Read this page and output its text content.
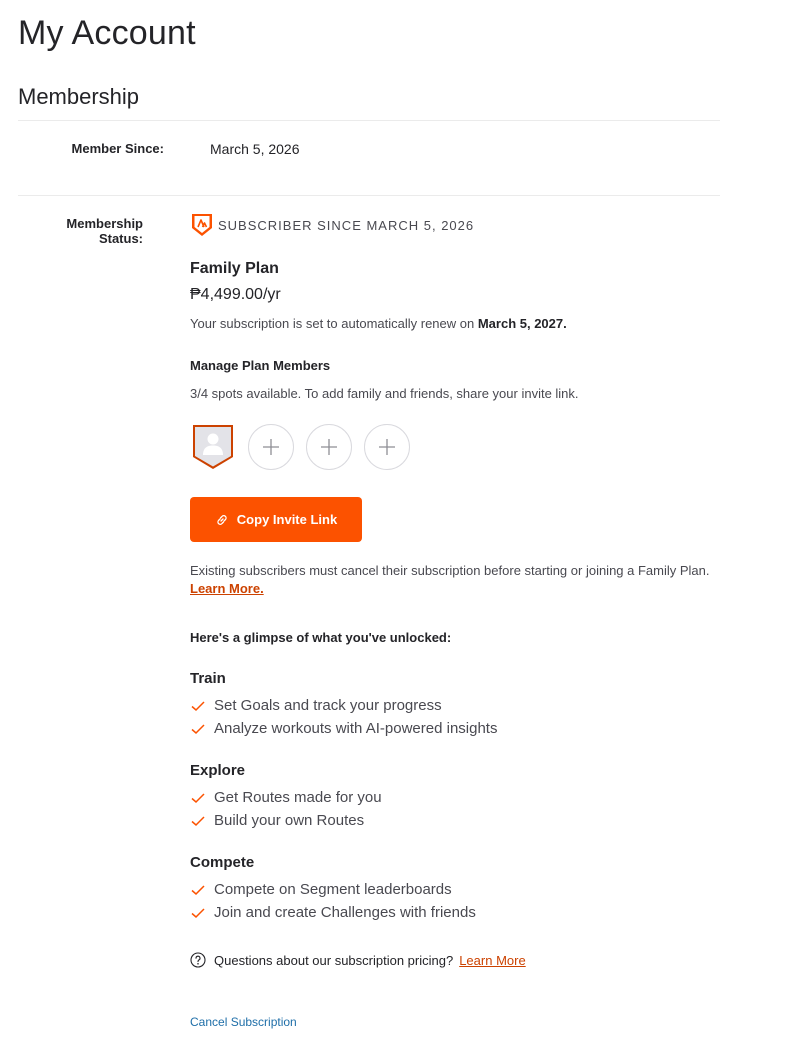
My Account
Membership
Member Since:	March 5, 2026
Membership
Status:
SUBSCRIBER SINCE MARCH 5, 2026
Family Plan
₱4,499.00/yr
Your subscription is set to automatically renew on March 5, 2027.
Manage Plan Members
3/4 spots available. To add family and friends, share your invite link.
Copy Invite Link
Existing subscribers must cancel their subscription before starting or joining a Family Plan. Learn More.
Here's a glimpse of what you've unlocked:
Train
Set Goals and track your progress
Analyze workouts with AI-powered insights
Explore
Get Routes made for you
Build your own Routes
Compete
Compete on Segment leaderboards
Join and create Challenges with friends
Questions about our subscription pricing? Learn More
Cancel Subscription
